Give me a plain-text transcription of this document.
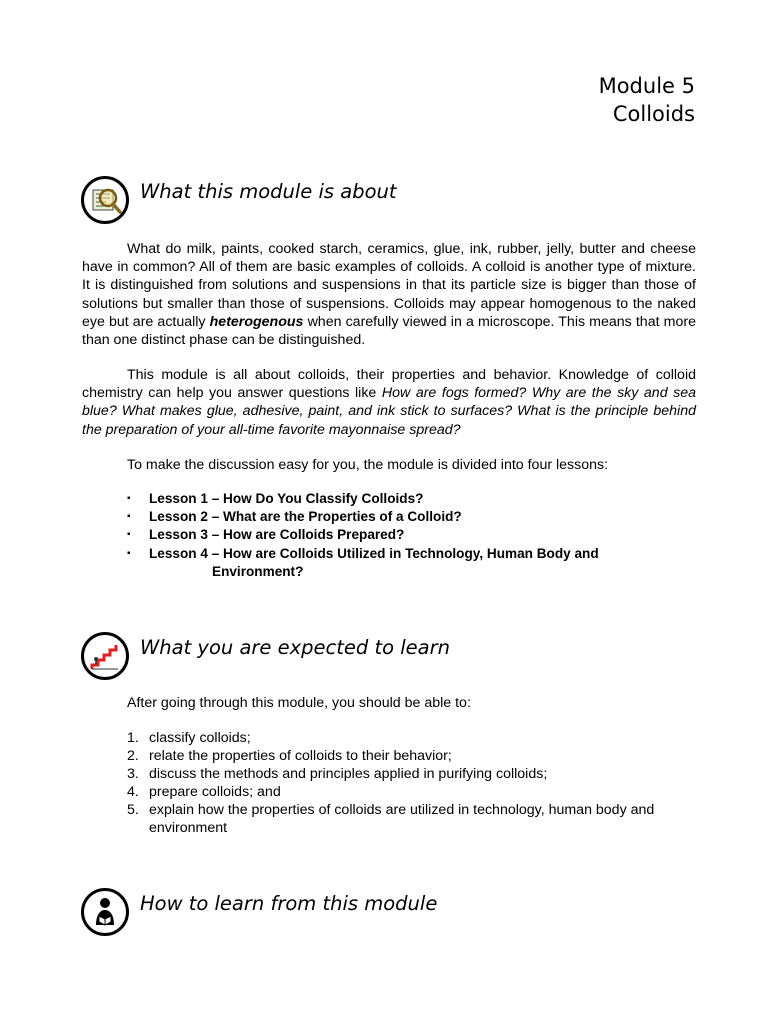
Module 5
Colloids
What this module is about

What do milk, paints, cooked starch, ceramics, glue, ink, rubber, jelly, butter and cheese have in common? All of them are basic examples of colloids. A colloid is another type of mixture. It is distinguished from solutions and suspensions in that its particle size is bigger than those of solutions but smaller than those of suspensions. Colloids may appear homogenous to the naked eye but are actually heterogenous when carefully viewed in a microscope. This means that more than one distinct phase can be distinguished.

This module is all about colloids, their properties and behavior. Knowledge of colloid chemistry can help you answer questions like How are fogs formed? Why are the sky and sea blue? What makes glue, adhesive, paint, and ink stick to surfaces? What is the principle behind the preparation of your all-time favorite mayonnaise spread?

To make the discussion easy for you, the module is divided into four lessons:

▪ Lesson 1 – How Do You Classify Colloids?
▪ Lesson 2 – What are the Properties of a Colloid?
▪ Lesson 3 – How are Colloids Prepared?
▪ Lesson 4 – How are Colloids Utilized in Technology, Human Body and
Environment?
What you are expected to learn

After going through this module, you should be able to:

1. classify colloids;
2. relate the properties of colloids to their behavior;
3. discuss the methods and principles applied in purifying colloids;
4. prepare colloids; and
5. explain how the properties of colloids are utilized in technology, human body and environment
How to learn from this module
